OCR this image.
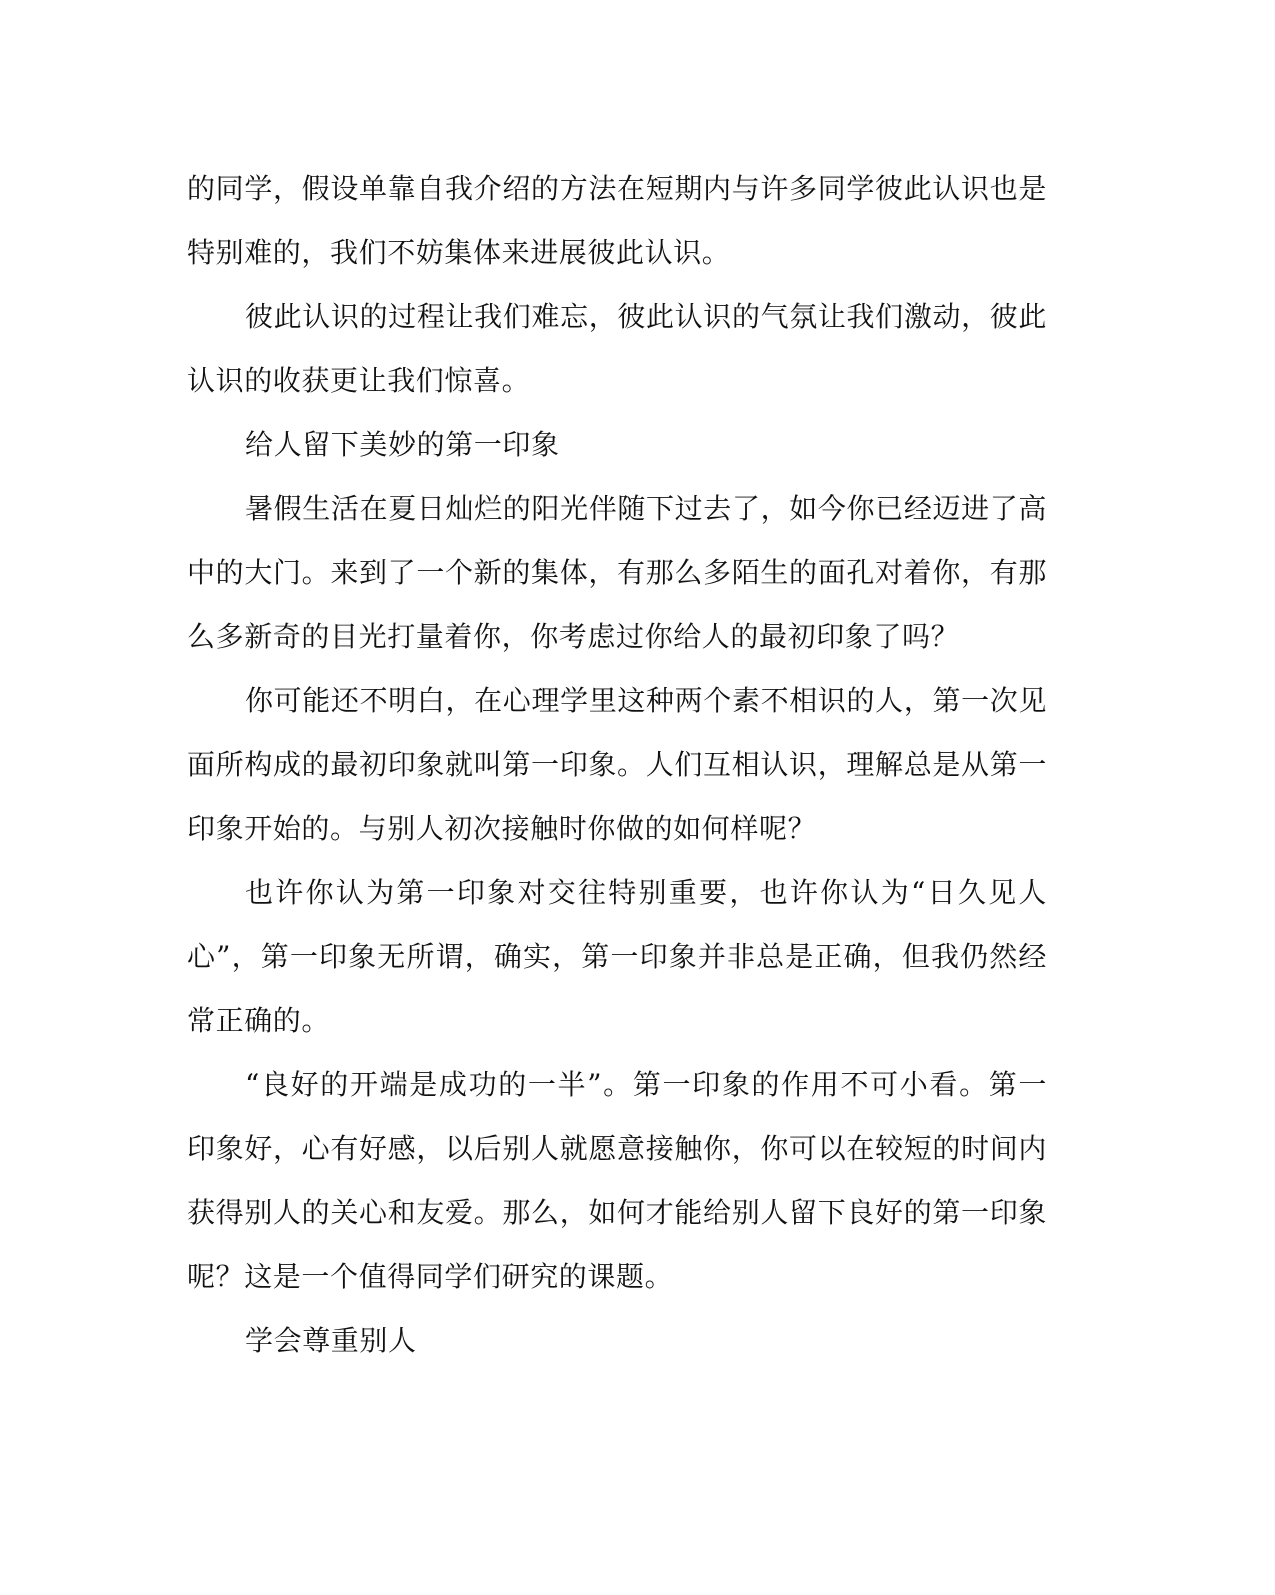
的同学，假设单靠自我介绍的方法在短期内与许多同学彼此认识也是特别难的，我们不妨集体来进展彼此认识。

彼此认识的过程让我们难忘，彼此认识的气氛让我们激动，彼此认识的收获更让我们惊喜。

给人留下美妙的第一印象

暑假生活在夏日灿烂的阳光伴随下过去了，如今你已经迈进了高中的大门。来到了一个新的集体，有那么多陌生的面孔对着你，有那么多新奇的目光打量着你，你考虑过你给人的最初印象了吗？

你可能还不明白，在心理学里这种两个素不相识的人，第一次见面所构成的最初印象就叫第一印象。人们互相认识，理解总是从第一印象开始的。与别人初次接触时你做的如何样呢？

也许你认为第一印象对交往特别重要，也许你认为“日久见人心”，第一印象无所谓，确实，第一印象并非总是正确，但我仍然经常正确的。

“良好的开端是成功的一半”。第一印象的作用不可小看。第一印象好，心有好感，以后别人就愿意接触你，你可以在较短的时间内获得别人的关心和友爱。那么，如何才能给别人留下良好的第一印象呢？这是一个值得同学们研究的课题。

学会尊重别人
